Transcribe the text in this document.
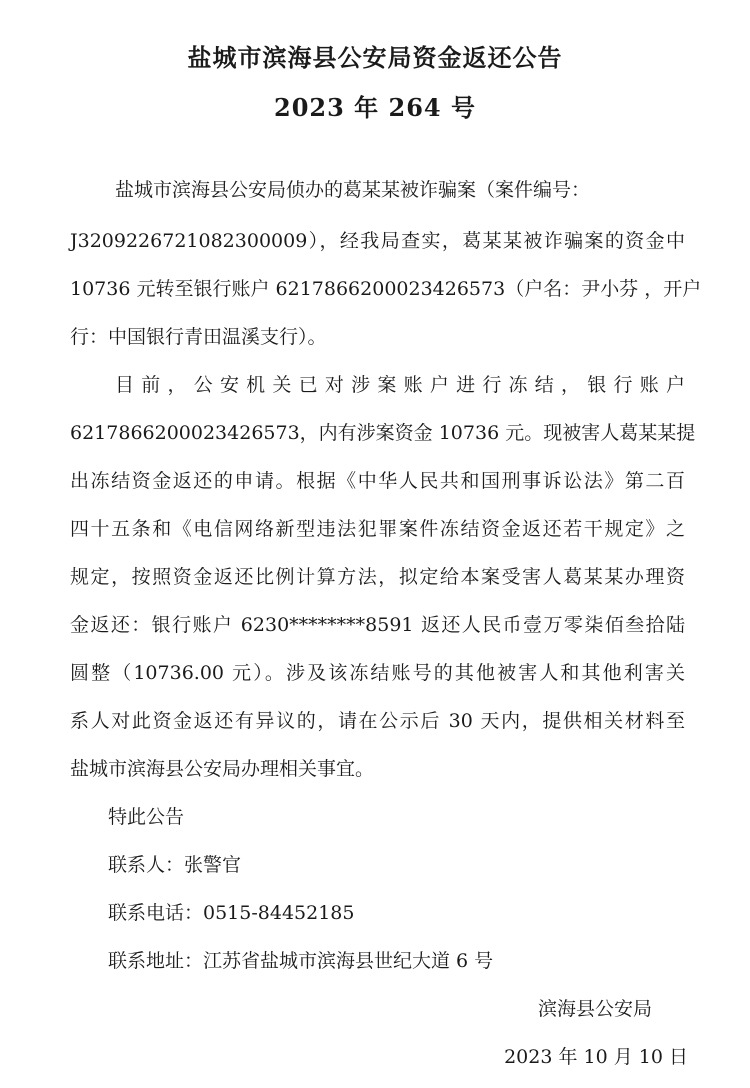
盐城市滨海县公安局资金返还公告
2023 年 264 号
盐城市滨海县公安局侦办的葛某某被诈骗案（案件编号：
J3209226721082300009），经我局查实，葛某某被诈骗案的资金中
10736 元转至银行账户 6217866200023426573（户名：尹小芬 ，开户
行：中国银行青田温溪支行）。
目前，公安机关已对涉案账户进行冻结，银行账户
6217866200023426573，内有涉案资金 10736 元。现被害人葛某某提
出冻结资金返还的申请。根据《中华人民共和国刑事诉讼法》第二百
四十五条和《电信网络新型违法犯罪案件冻结资金返还若干规定》之
规定，按照资金返还比例计算方法，拟定给本案受害人葛某某办理资
金返还：银行账户 6230********8591 返还人民币壹万零柒佰叁拾陆
圆整（10736.00 元）。涉及该冻结账号的其他被害人和其他利害关
系人对此资金返还有异议的，请在公示后 30 天内，提供相关材料至
盐城市滨海县公安局办理相关事宜。
特此公告
联系人：张警官
联系电话：0515-84452185
联系地址：江苏省盐城市滨海县世纪大道 6 号
滨海县公安局
2023 年 10 月 10 日
